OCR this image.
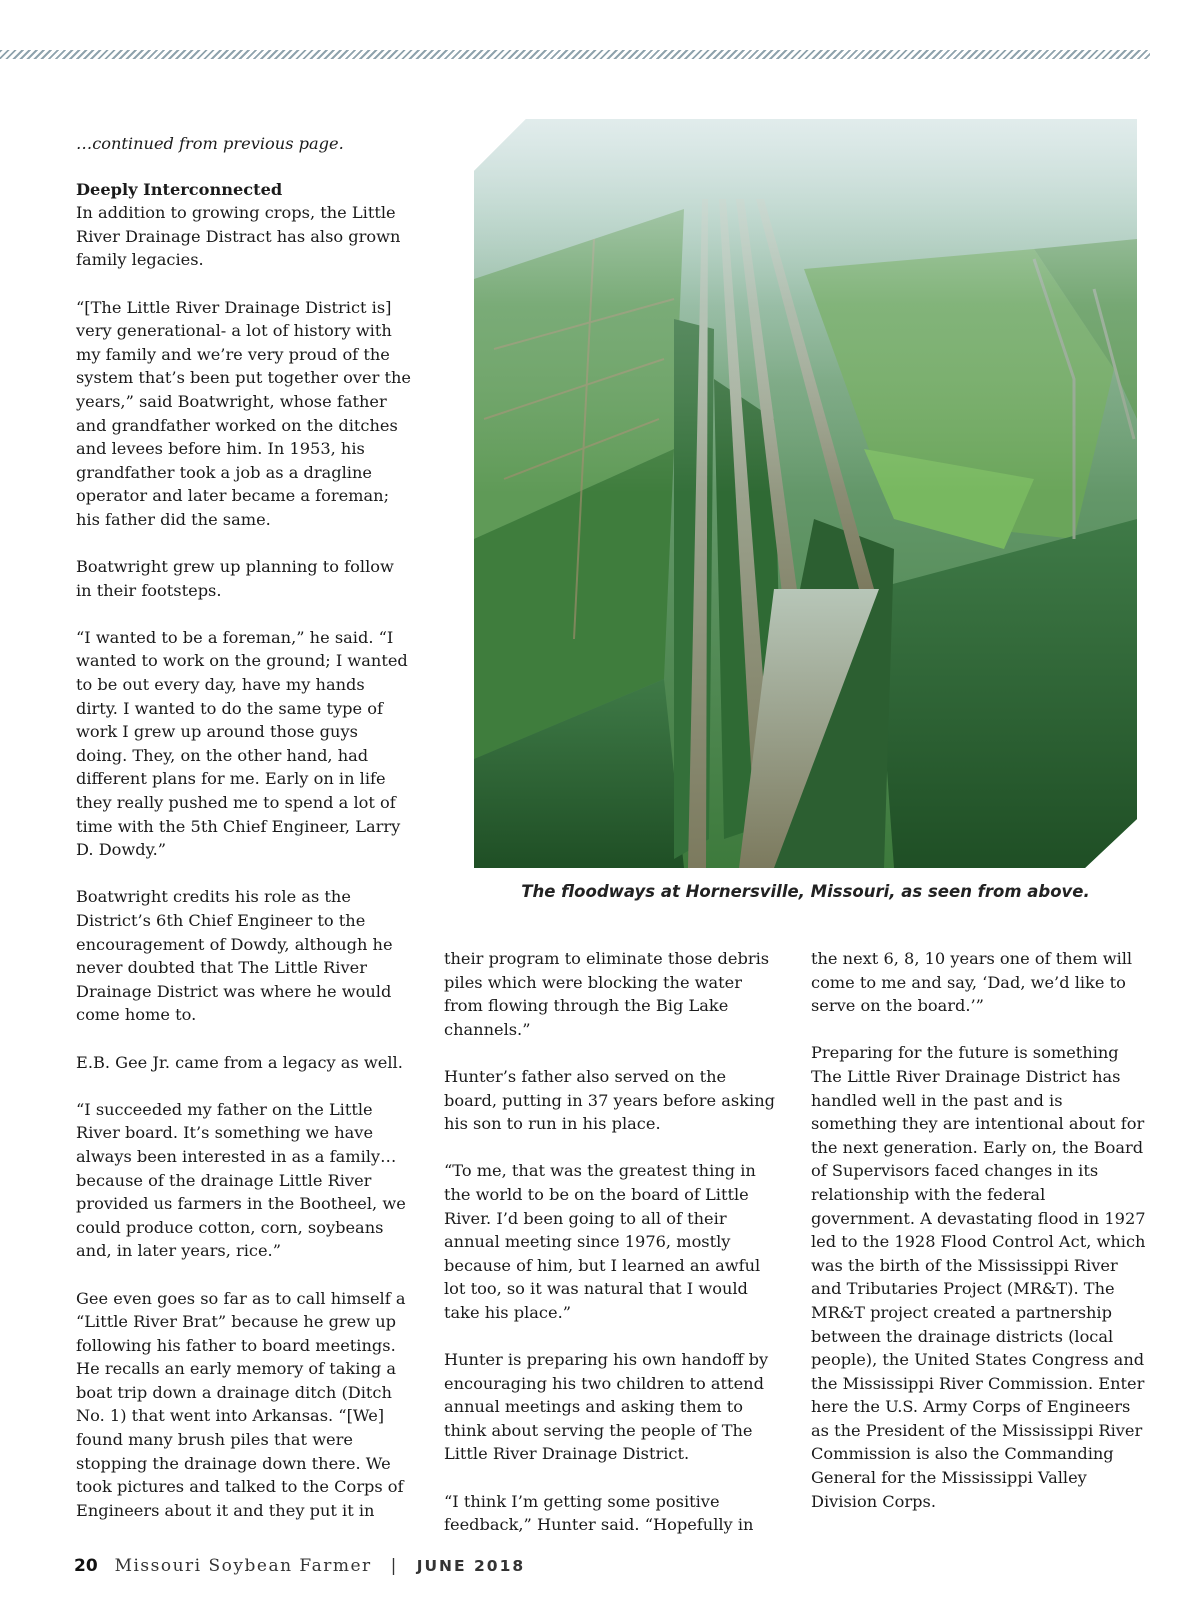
…continued from previous page.

Deeply Interconnected
In addition to growing crops, the Little River Drainage Distract has also grown family legacies.

“[The Little River Drainage District is] very generational- a lot of history with my family and we’re very proud of the system that’s been put together over the years,” said Boatwright, whose father and grandfather worked on the ditches and levees before him. In 1953, his grandfather took a job as a dragline operator and later became a foreman; his father did the same.

Boatwright grew up planning to follow in their footsteps.

“I wanted to be a foreman,” he said. “I wanted to work on the ground; I wanted to be out every day, have my hands dirty. I wanted to do the same type of work I grew up around those guys doing. They, on the other hand, had different plans for me. Early on in life they really pushed me to spend a lot of time with the 5th Chief Engineer, Larry D. Dowdy.”

Boatwright credits his role as the District’s 6th Chief Engineer to the encouragement of Dowdy, although he never doubted that The Little River Drainage District was where he would come home to.

E.B. Gee Jr. came from a legacy as well.

“I succeeded my father on the Little River board. It’s something we have always been interested in as a family… because of the drainage Little River provided us farmers in the Bootheel, we could produce cotton, corn, soybeans and, in later years, rice.”

Gee even goes so far as to call himself a “Little River Brat” because he grew up following his father to board meetings. He recalls an early memory of taking a boat trip down a drainage ditch (Ditch No. 1) that went into Arkansas. “[We] found many brush piles that were stopping the drainage down there. We took pictures and talked to the Corps of Engineers about it and they put it in

The floodways at Hornersville, Missouri, as seen from above.

their program to eliminate those debris piles which were blocking the water from flowing through the Big Lake channels.”

Hunter’s father also served on the board, putting in 37 years before asking his son to run in his place.

“To me, that was the greatest thing in the world to be on the board of Little River. I’d been going to all of their annual meeting since 1976, mostly because of him, but I learned an awful lot too, so it was natural that I would take his place.”

Hunter is preparing his own handoff by encouraging his two children to attend annual meetings and asking them to think about serving the people of The Little River Drainage District.

“I think I’m getting some positive feedback,” Hunter said. “Hopefully in

the next 6, 8, 10 years one of them will come to me and say, ‘Dad, we’d like to serve on the board.’”

Preparing for the future is something The Little River Drainage District has handled well in the past and is something they are intentional about for the next generation. Early on, the Board of Supervisors faced changes in its relationship with the federal government. A devastating flood in 1927 led to the 1928 Flood Control Act, which was the birth of the Mississippi River and Tributaries Project (MR&T). The MR&T project created a partnership between the drainage districts (local people), the United States Congress and the Mississippi River Commission. Enter here the U.S. Army Corps of Engineers as the President of the Mississippi River Commission is also the Commanding General for the Mississippi Valley Division Corps.

20 Missouri Soybean Farmer | JUNE 2018
